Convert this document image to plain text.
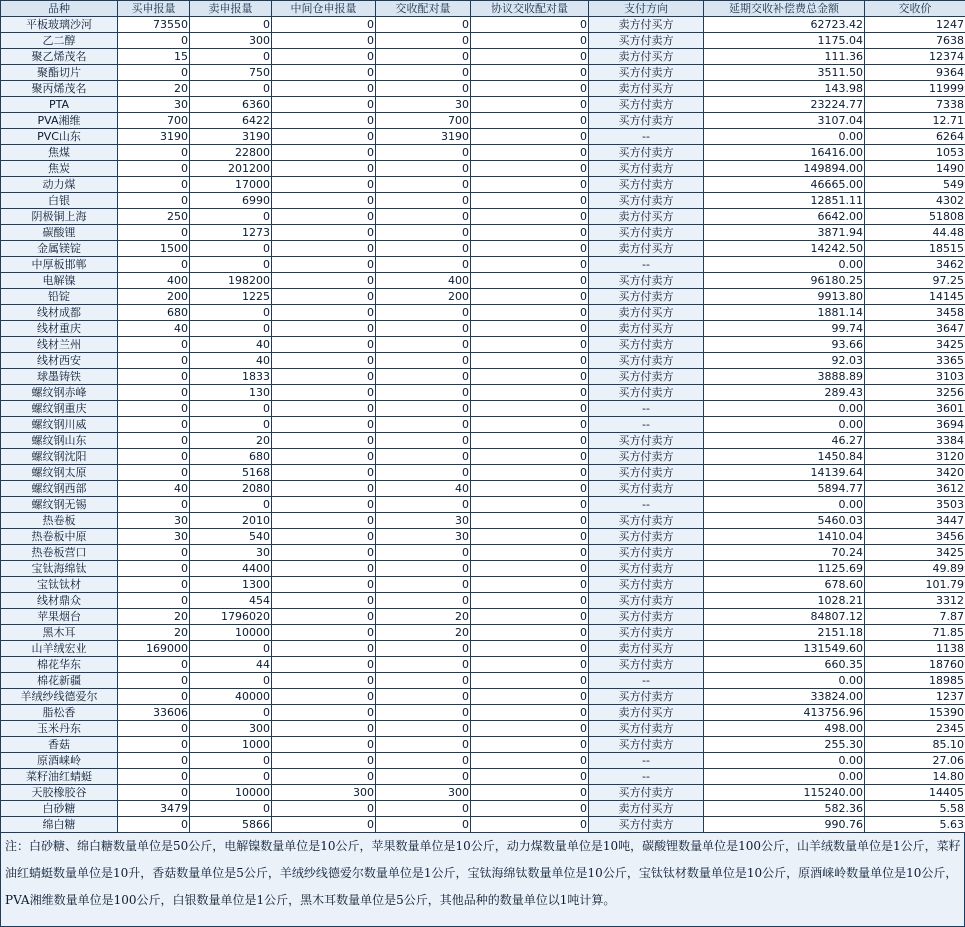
品种	买申报量	卖申报量	中间仓申报量	交收配对量	协议交收配对量	支付方向	延期交收补偿费总金额	交收价
平板玻璃沙河	73550	0	0	0	0	卖方付买方	62723.42	1247
乙二醇	0	300	0	0	0	买方付卖方	1175.04	7638
聚乙烯茂名	15	0	0	0	0	卖方付买方	111.36	12374
聚酯切片	0	750	0	0	0	买方付卖方	3511.50	9364
聚丙烯茂名	20	0	0	0	0	卖方付买方	143.98	11999
PTA	30	6360	0	30	0	买方付卖方	23224.77	7338
PVA湘维	700	6422	0	700	0	买方付卖方	3107.04	12.71
PVC山东	3190	3190	0	3190	0	--	0.00	6264
焦煤	0	22800	0	0	0	买方付卖方	16416.00	1053
焦炭	0	201200	0	0	0	买方付卖方	149894.00	1490
动力煤	0	17000	0	0	0	买方付卖方	46665.00	549
白银	0	6990	0	0	0	买方付卖方	12851.11	4302
阴极铜上海	250	0	0	0	0	卖方付买方	6642.00	51808
碳酸锂	0	1273	0	0	0	买方付卖方	3871.94	44.48
金属镁锭	1500	0	0	0	0	卖方付买方	14242.50	18515
中厚板邯郸	0	0	0	0	0	--	0.00	3462
电解镍	400	198200	0	400	0	买方付卖方	96180.25	97.25
铅锭	200	1225	0	200	0	买方付卖方	9913.80	14145
线材成都	680	0	0	0	0	卖方付买方	1881.14	3458
线材重庆	40	0	0	0	0	卖方付买方	99.74	3647
线材兰州	0	40	0	0	0	买方付卖方	93.66	3425
线材西安	0	40	0	0	0	买方付卖方	92.03	3365
球墨铸铁	0	1833	0	0	0	买方付卖方	3888.89	3103
螺纹钢赤峰	0	130	0	0	0	买方付卖方	289.43	3256
螺纹钢重庆	0	0	0	0	0	--	0.00	3601
螺纹钢川威	0	0	0	0	0	--	0.00	3694
螺纹钢山东	0	20	0	0	0	买方付卖方	46.27	3384
螺纹钢沈阳	0	680	0	0	0	买方付卖方	1450.84	3120
螺纹钢太原	0	5168	0	0	0	买方付卖方	14139.64	3420
螺纹钢西部	40	2080	0	40	0	买方付卖方	5894.77	3612
螺纹钢无锡	0	0	0	0	0	--	0.00	3503
热卷板	30	2010	0	30	0	买方付卖方	5460.03	3447
热卷板中原	30	540	0	30	0	买方付卖方	1410.04	3456
热卷板营口	0	30	0	0	0	买方付卖方	70.24	3425
宝钛海绵钛	0	4400	0	0	0	买方付卖方	1125.69	49.89
宝钛钛材	0	1300	0	0	0	买方付卖方	678.60	101.79
线材鼎众	0	454	0	0	0	买方付卖方	1028.21	3312
苹果烟台	20	1796020	0	20	0	买方付卖方	84807.12	7.87
黑木耳	20	10000	0	20	0	买方付卖方	2151.18	71.85
山羊绒宏业	169000	0	0	0	0	卖方付买方	131549.60	1138
棉花华东	0	44	0	0	0	买方付卖方	660.35	18760
棉花新疆	0	0	0	0	0	--	0.00	18985
羊绒纱线德爱尔	0	40000	0	0	0	买方付卖方	33824.00	1237
脂松香	33606	0	0	0	0	卖方付买方	413756.96	15390
玉米丹东	0	300	0	0	0	买方付卖方	498.00	2345
香菇	0	1000	0	0	0	买方付卖方	255.30	85.10
原酒崃岭	0	0	0	0	0	--	0.00	27.06
菜籽油红蜻蜓	0	0	0	0	0	--	0.00	14.80
天胶橡胶谷	0	10000	300	300	0	买方付卖方	115240.00	14405
白砂糖	3479	0	0	0	0	卖方付买方	582.36	5.58
绵白糖	0	5866	0	0	0	买方付卖方	990.76	5.63
注：白砂糖、绵白糖数量单位是50公斤，电解镍数量单位是10公斤，苹果数量单位是10公斤，动力煤数量单位是10吨，碳酸锂数量单位是100公斤，山羊绒数量单位是1公斤，菜籽油红蜻蜓数量单位是10升，香菇数量单位是5公斤，羊绒纱线德爱尔数量单位是1公斤，宝钛海绵钛数量单位是10公斤，宝钛钛材数量单位是10公斤，原酒崃岭数量单位是10公斤，PVA湘维数量单位是100公斤，白银数量单位是1公斤，黑木耳数量单位是5公斤，其他品种的数量单位以1吨计算。
